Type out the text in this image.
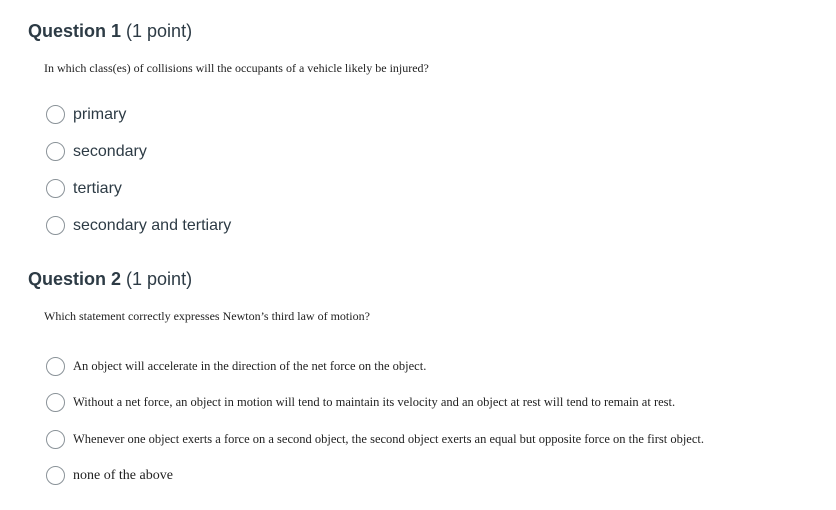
Question 1 (1 point)
In which class(es) of collisions will the occupants of a vehicle likely be injured?
primary
secondary
tertiary
secondary and tertiary
Question 2 (1 point)
Which statement correctly expresses Newton’s third law of motion?
An object will accelerate in the direction of the net force on the object.
Without a net force, an object in motion will tend to maintain its velocity and an object at rest will tend to remain at rest.
Whenever one object exerts a force on a second object, the second object exerts an equal but opposite force on the first object.
none of the above
